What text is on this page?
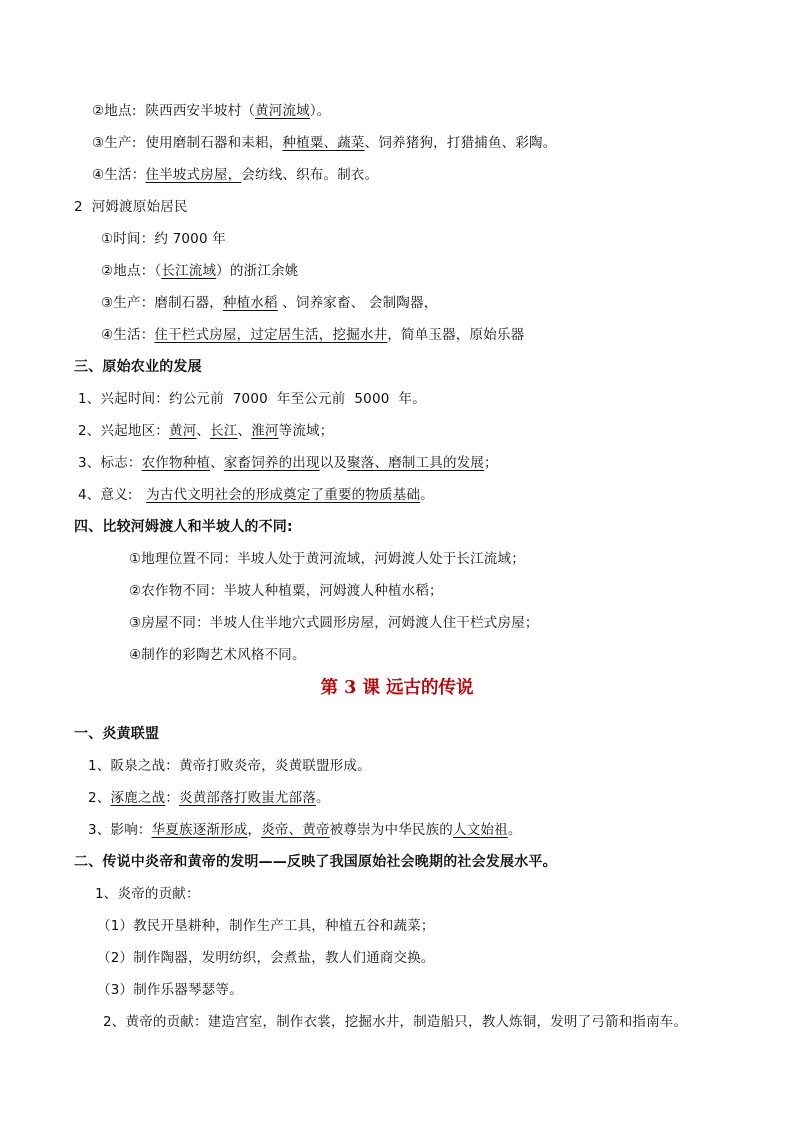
第 3 课 远古的传说
②地点:  陕西西安半坡村（黄河流域）。
③生产:  使用磨制石器和耒耜，种植粟、蔬菜、饲养猪狗，打猎捕鱼、彩陶。
④生活：住半坡式房屋，会纺线、织布。制衣。
2  河姆渡原始居民
①时间：约 7000 年
②地点：（长江流域）的浙江余姚
③生产：磨制石器，种植水稻 、饲养家畜、 会制陶器，
④生活：住干栏式房屋，过定居生活，挖掘水井，简单玉器，原始乐器
三、原始农业的发展
1、兴起时间：约公元前  7000  年至公元前  5000  年。
2、兴起地区：黄河、长江、淮河等流域；
3、标志：农作物种植、家畜饲养的出现以及聚落、磨制工具的发展；
4、意义:   为古代文明社会的形成奠定了重要的物质基础。
四、比较河姆渡人和半坡人的不同:
①地理位置不同：半坡人处于黄河流域，河姆渡人处于长江流域；
②农作物不同：半坡人种植粟，河姆渡人种植水稻；
③房屋不同：半坡人住半地穴式圆形房屋，河姆渡人住干栏式房屋；
④制作的彩陶艺术风格不同。
一、炎黄联盟
1、阪泉之战：黄帝打败炎帝，炎黄联盟形成。
2、涿鹿之战：炎黄部落打败蚩尤部落。
3、影响：华夏族逐渐形成，炎帝、黄帝被尊崇为中华民族的人文始祖。
二、传说中炎帝和黄帝的发明——反映了我国原始社会晚期的社会发展水平。
1、炎帝的贡献：
（1）教民开垦耕种，制作生产工具，种植五谷和蔬菜；
（2）制作陶器，发明纺织，会煮盐，教人们通商交换。
（3）制作乐器琴瑟等。
2、黄帝的贡献：建造宫室，制作衣裳，挖掘水井，制造船只，教人炼铜，发明了弓箭和指南车。
